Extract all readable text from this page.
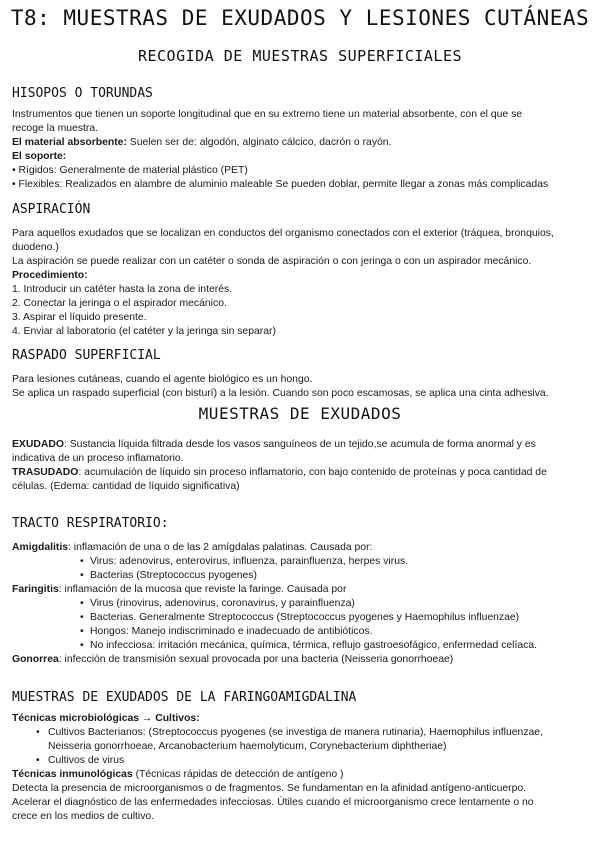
T8: MUESTRAS DE EXUDADOS Y LESIONES CUTÁNEAS
RECOGIDA DE MUESTRAS SUPERFICIALES
HISOPOS O TORUNDAS

Instrumentos que tienen un soporte longitudinal que en su extremo tiene un material absorbente, con el que se

recoge la muestra.

El material absorbente: Suelen ser de: algodón, alginato cálcico, dacrón o rayón.

El soporte:

• Rígidos: Generalmente de material plástico (PET)

• Flexibles: Realizados en alambre de aluminio maleable Se pueden doblar, permite llegar a zonas más complicadas

ASPIRACIÓN

Para aquellos exudados que se localizan en conductos del organismo conectados con el exterior (tráquea, bronquios,

duodeno.)

La aspiración se puede realizar con un catéter o sonda de aspiración o con jeringa o con un aspirador mecánico.

Procedimiento:

1. Introducir un catéter hasta la zona de interés.

2. Conectar la jeringa o el aspirador mecánico.

3. Aspirar el líquido presente.

4. Enviar al laboratorio (el catéter y la jeringa sin separar)

RASPADO SUPERFICIAL

Para lesiones cutáneas, cuando el agente biológico es un hongo.

Se aplica un raspado superficial (con bisturí) a la lesión. Cuando son poco escamosas, se aplica una cinta adhesiva.

MUESTRAS DE EXUDADOS

EXUDADO: Sustancia líquida filtrada desde los vasos sanguíneos de un tejido,se acumula de forma anormal y es

indicativa de un proceso inflamatorio.

TRASUDADO: acumulación de líquido sin proceso inflamatorio, con bajo contenido de proteínas y poca cantidad de

células. (Edema: cantidad de líquido significativa)

TRACTO RESPIRATORIO:

Amigdalitis: inflamación de una o de las 2 amígdalas palatinas. Causada por:

• Virus: adenovirus, enterovirus, influenza, parainfluenza, herpes virus.

• Bacterias (Streptococcus pyogenes)

Faringitis: inflamación de la mucosa que reviste la faringe. Causada por

• Virus (rinovirus, adenovirus, coronavirus, y parainfluenza)

• Bacterias. Generalmente Streptococcus (Streptococcus pyogenes y Haemophilus influenzae)

• Hongos: Manejo indiscriminado e inadecuado de antibióticos.

• No infecciosa: irritación mecánica, química, térmica, reflujo gastroesofágico, enfermedad celíaca.

Gonorrea: infección de transmisión sexual provocada por una bacteria (Neisseria gonorrhoeae)

MUESTRAS DE EXUDADOS DE LA FARINGOAMIGDALINA

Técnicas microbiológicas → Cultivos:

• Cultivos Bacterianos: (Streptococcus pyogenes (se investiga de manera rutinaria), Haemophilus influenzae,

Neisseria gonorrhoeae, Arcanobacterium haemolyticum, Corynebacterium diphtheriae)

• Cultivos de virus

Técnicas inmunológicas (Técnicas rápidas de detección de antígeno )

Detecta la presencia de microorganismos o de fragmentos. Se fundamentan en la afinidad antígeno-anticuerpo.

Acelerar el diagnóstico de las enfermedades infecciosas. Útiles cuando el microorganismo crece lentamente o no

crece en los medios de cultivo.
